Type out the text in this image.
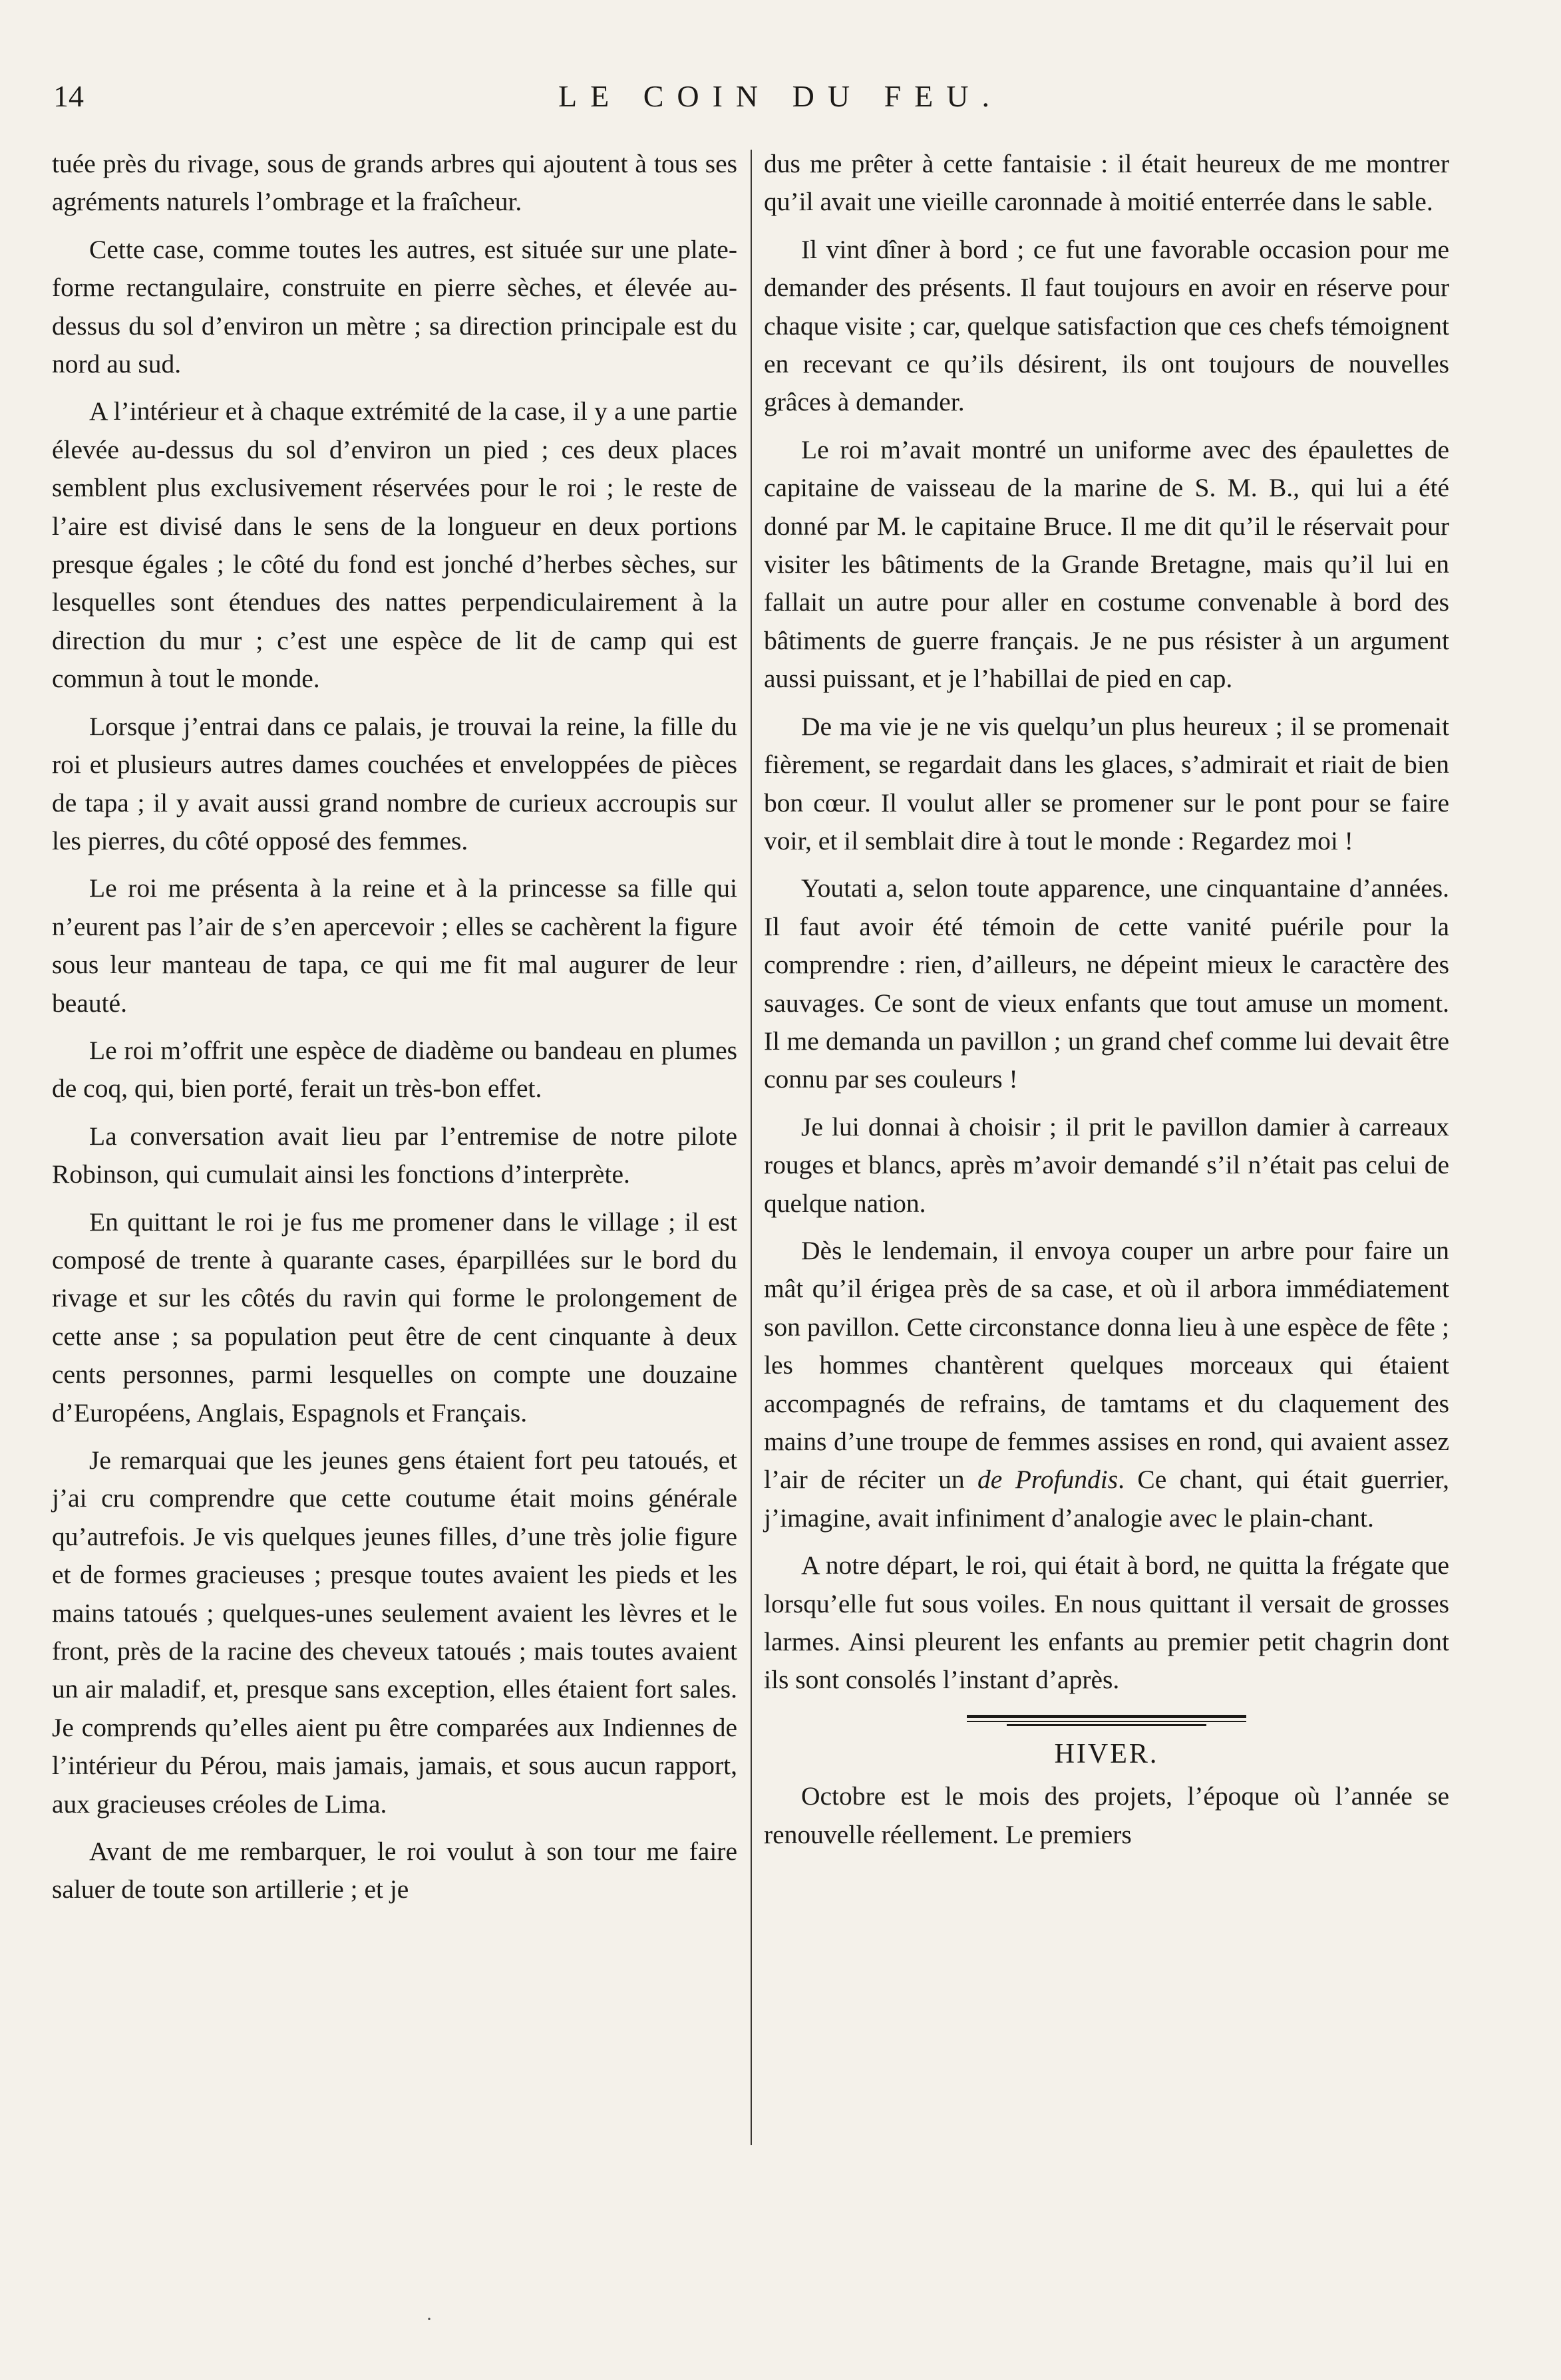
14	LE COIN DU FEU.

tuée près du rivage, sous de grands arbres qui ajoutent à tous ses agréments naturels l’ombrage et la fraîcheur.

Cette case, comme toutes les autres, est située sur une plate-forme rectangulaire, construite en pierre sèches, et élevée au-dessus du sol d’environ un mètre ; sa direction principale est du nord au sud.

A l’intérieur et à chaque extrémité de la case, il y a une partie élevée au-dessus du sol d’environ un pied ; ces deux places semblent plus exclusivement réservées pour le roi ; le reste de l’aire est divisé dans le sens de la longueur en deux portions presque égales ; le côté du fond est jonché d’herbes sèches, sur lesquelles sont étendues des nattes perpendiculairement à la direction du mur ; c’est une espèce de lit de camp qui est commun à tout le monde.

Lorsque j’entrai dans ce palais, je trouvai la reine, la fille du roi et plusieurs autres dames couchées et enveloppées de pièces de tapa ; il y avait aussi grand nombre de curieux accroupis sur les pierres, du côté opposé des femmes.

Le roi me présenta à la reine et à la princesse sa fille qui n’eurent pas l’air de s’en apercevoir ; elles se cachèrent la figure sous leur manteau de tapa, ce qui me fit mal augurer de leur beauté.

Le roi m’offrit une espèce de diadème ou bandeau en plumes de coq, qui, bien porté, ferait un très-bon effet.

La conversation avait lieu par l’entremise de notre pilote Robinson, qui cumulait ainsi les fonctions d’interprète.

En quittant le roi je fus me promener dans le village ; il est composé de trente à quarante cases, éparpillées sur le bord du rivage et sur les côtés du ravin qui forme le prolongement de cette anse ; sa population peut être de cent cinquante à deux cents personnes, parmi lesquelles on compte une douzaine d’Européens, Anglais, Espagnols et Français.

Je remarquai que les jeunes gens étaient fort peu tatoués, et j’ai cru comprendre que cette coutume était moins générale qu’autrefois. Je vis quelques jeunes filles, d’une très jolie figure et de formes gracieuses ; presque toutes avaient les pieds et les mains tatoués ; quelques-unes seulement avaient les lèvres et le front, près de la racine des cheveux tatoués ; mais toutes avaient un air maladif, et, presque sans exception, elles étaient fort sales. Je comprends qu’elles aient pu être comparées aux Indiennes de l’intérieur du Pérou, mais jamais, jamais, et sous aucun rapport, aux gracieuses créoles de Lima.

Avant de me rembarquer, le roi voulut à son tour me faire saluer de toute son artillerie ; et je

dus me prêter à cette fantaisie : il était heureux de me montrer qu’il avait une vieille caronnade à moitié enterrée dans le sable.

Il vint dîner à bord ; ce fut une favorable occasion pour me demander des présents. Il faut toujours en avoir en réserve pour chaque visite ; car, quelque satisfaction que ces chefs témoignent en recevant ce qu’ils désirent, ils ont toujours de nouvelles grâces à demander.

Le roi m’avait montré un uniforme avec des épaulettes de capitaine de vaisseau de la marine de S. M. B., qui lui a été donné par M. le capitaine Bruce. Il me dit qu’il le réservait pour visiter les bâtiments de la Grande Bretagne, mais qu’il lui en fallait un autre pour aller en costume convenable à bord des bâtiments de guerre français. Je ne pus résister à un argument aussi puissant, et je l’habillai de pied en cap.

De ma vie je ne vis quelqu’un plus heureux ; il se promenait fièrement, se regardait dans les glaces, s’admirait et riait de bien bon cœur. Il voulut aller se promener sur le pont pour se faire voir, et il semblait dire à tout le monde : Regardez moi !

Youtati a, selon toute apparence, une cinquantaine d’années. Il faut avoir été témoin de cette vanité puérile pour la comprendre : rien, d’ailleurs, ne dépeint mieux le caractère des sauvages. Ce sont de vieux enfants que tout amuse un moment. Il me demanda un pavillon ; un grand chef comme lui devait être connu par ses couleurs !

Je lui donnai à choisir ; il prit le pavillon damier à carreaux rouges et blancs, après m’avoir demandé s’il n’était pas celui de quelque nation.

Dès le lendemain, il envoya couper un arbre pour faire un mât qu’il érigea près de sa case, et où il arbora immédiatement son pavillon. Cette circonstance donna lieu à une espèce de fête ; les hommes chantèrent quelques morceaux qui étaient accompagnés de refrains, de tamtams et du claquement des mains d’une troupe de femmes assises en rond, qui avaient assez l’air de réciter un de Profundis. Ce chant, qui était guerrier, j’imagine, avait infiniment d’analogie avec le plain-chant.

A notre départ, le roi, qui était à bord, ne quitta la frégate que lorsqu’elle fut sous voiles. En nous quittant il versait de grosses larmes. Ainsi pleurent les enfants au premier petit chagrin dont ils sont consolés l’instant d’après.

HIVER.

Octobre est le mois des projets, l’époque où l’année se renouvelle réellement. Le premiers

·
